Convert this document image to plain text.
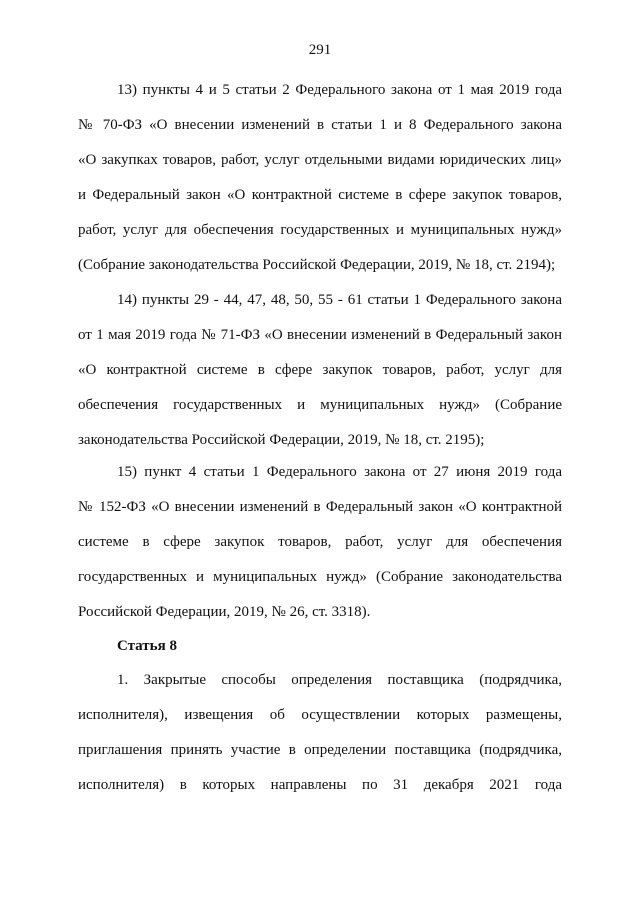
291
13) пункты 4 и 5 статьи 2 Федерального закона от 1 мая 2019 года
№ 70-ФЗ «О внесении изменений в статьи 1 и 8 Федерального закона
«О закупках товаров, работ, услуг отдельными видами юридических лиц»
и Федеральный закон «О контрактной системе в сфере закупок товаров,
работ, услуг для обеспечения государственных и муниципальных нужд»
(Собрание законодательства Российской Федерации, 2019, № 18, ст. 2194);
14) пункты 29 - 44, 47, 48, 50, 55 - 61 статьи 1 Федерального закона
от 1 мая 2019 года № 71-ФЗ «О внесении изменений в Федеральный закон
«О контрактной системе в сфере закупок товаров, работ, услуг для
обеспечения государственных и муниципальных нужд» (Собрание
законодательства Российской Федерации, 2019, № 18, ст. 2195);
15) пункт 4 статьи 1 Федерального закона от 27 июня 2019 года
№ 152-ФЗ «О внесении изменений в Федеральный закон «О контрактной
системе в сфере закупок товаров, работ, услуг для обеспечения
государственных и муниципальных нужд» (Собрание законодательства
Российской Федерации, 2019, № 26, ст. 3318).
Статья 8
1. Закрытые способы определения поставщика (подрядчика,
исполнителя), извещения об осуществлении которых размещены,
приглашения принять участие в определении поставщика (подрядчика,
исполнителя) в которых направлены по 31 декабря 2021 года
